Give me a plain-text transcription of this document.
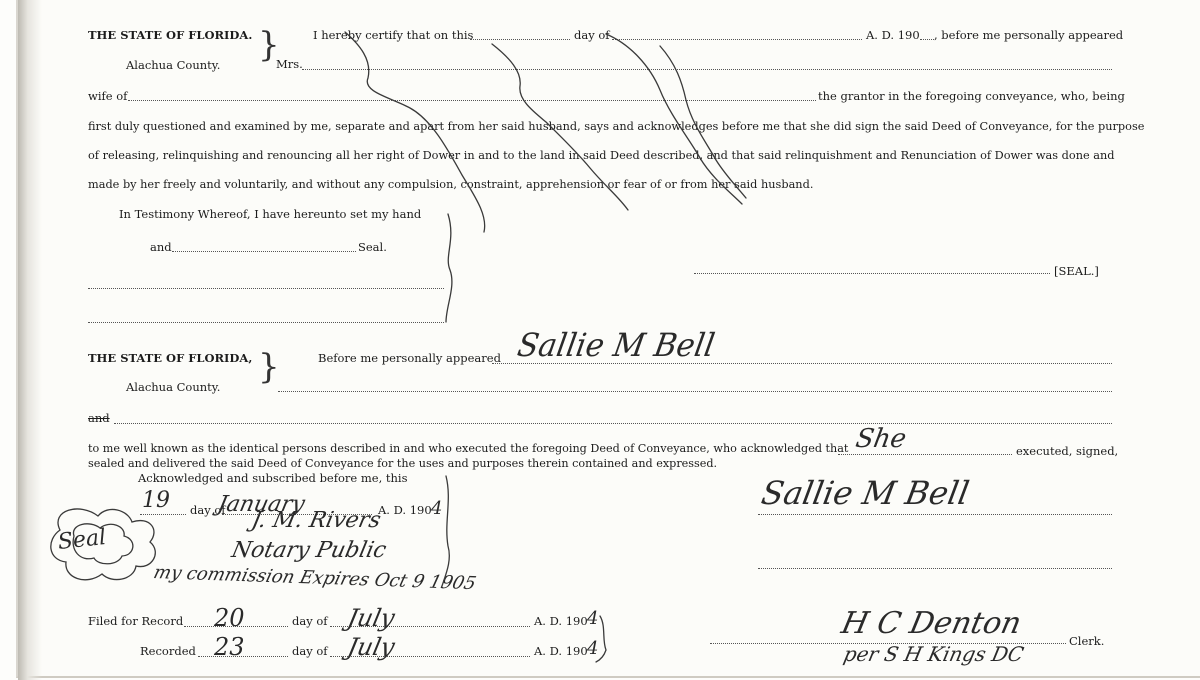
THE STATE OF FLORIDA. }
Alachua County.
I hereby certify that on this	day of	A. D. 190 , before me personally appeared
Mrs.
wife of	the grantor in the foregoing conveyance, who, being
first duly questioned and examined by me, separate and apart from her said husband, says and acknowledges before me that she did sign the said Deed of Conveyance, for the purpose
of releasing, relinquishing and renouncing all her right of Dower in and to the land in said Deed described, and that said relinquishment and Renunciation of Dower was done and
made by her freely and voluntarily, and without any compulsion, constraint, apprehension or fear of or from her said husband.
In Testimony Whereof, I have hereunto set my hand
and	Seal.
[SEAL.]
THE STATE OF FLORIDA, }
Alachua County.
Before me personally appeared Sallie M Bell
and
to me well known as the identical persons described in and who executed the foregoing Deed of Conveyance, who acknowledged that She	executed, signed,
sealed and delivered the said Deed of Conveyance for the uses and purposes therein contained and expressed.
Acknowledged and subscribed before me, this
19 day of
January	A. D. 190 4
J. M. Rivers
Notary Public
my commission Expires Oct 9 1905
Seal
Sallie M Bell
Filed for Record 20	day of July	A. D. 190 4
Recorded 23	day of July	A. D. 190 4
H C Denton	Clerk.
per S H Kings DC
